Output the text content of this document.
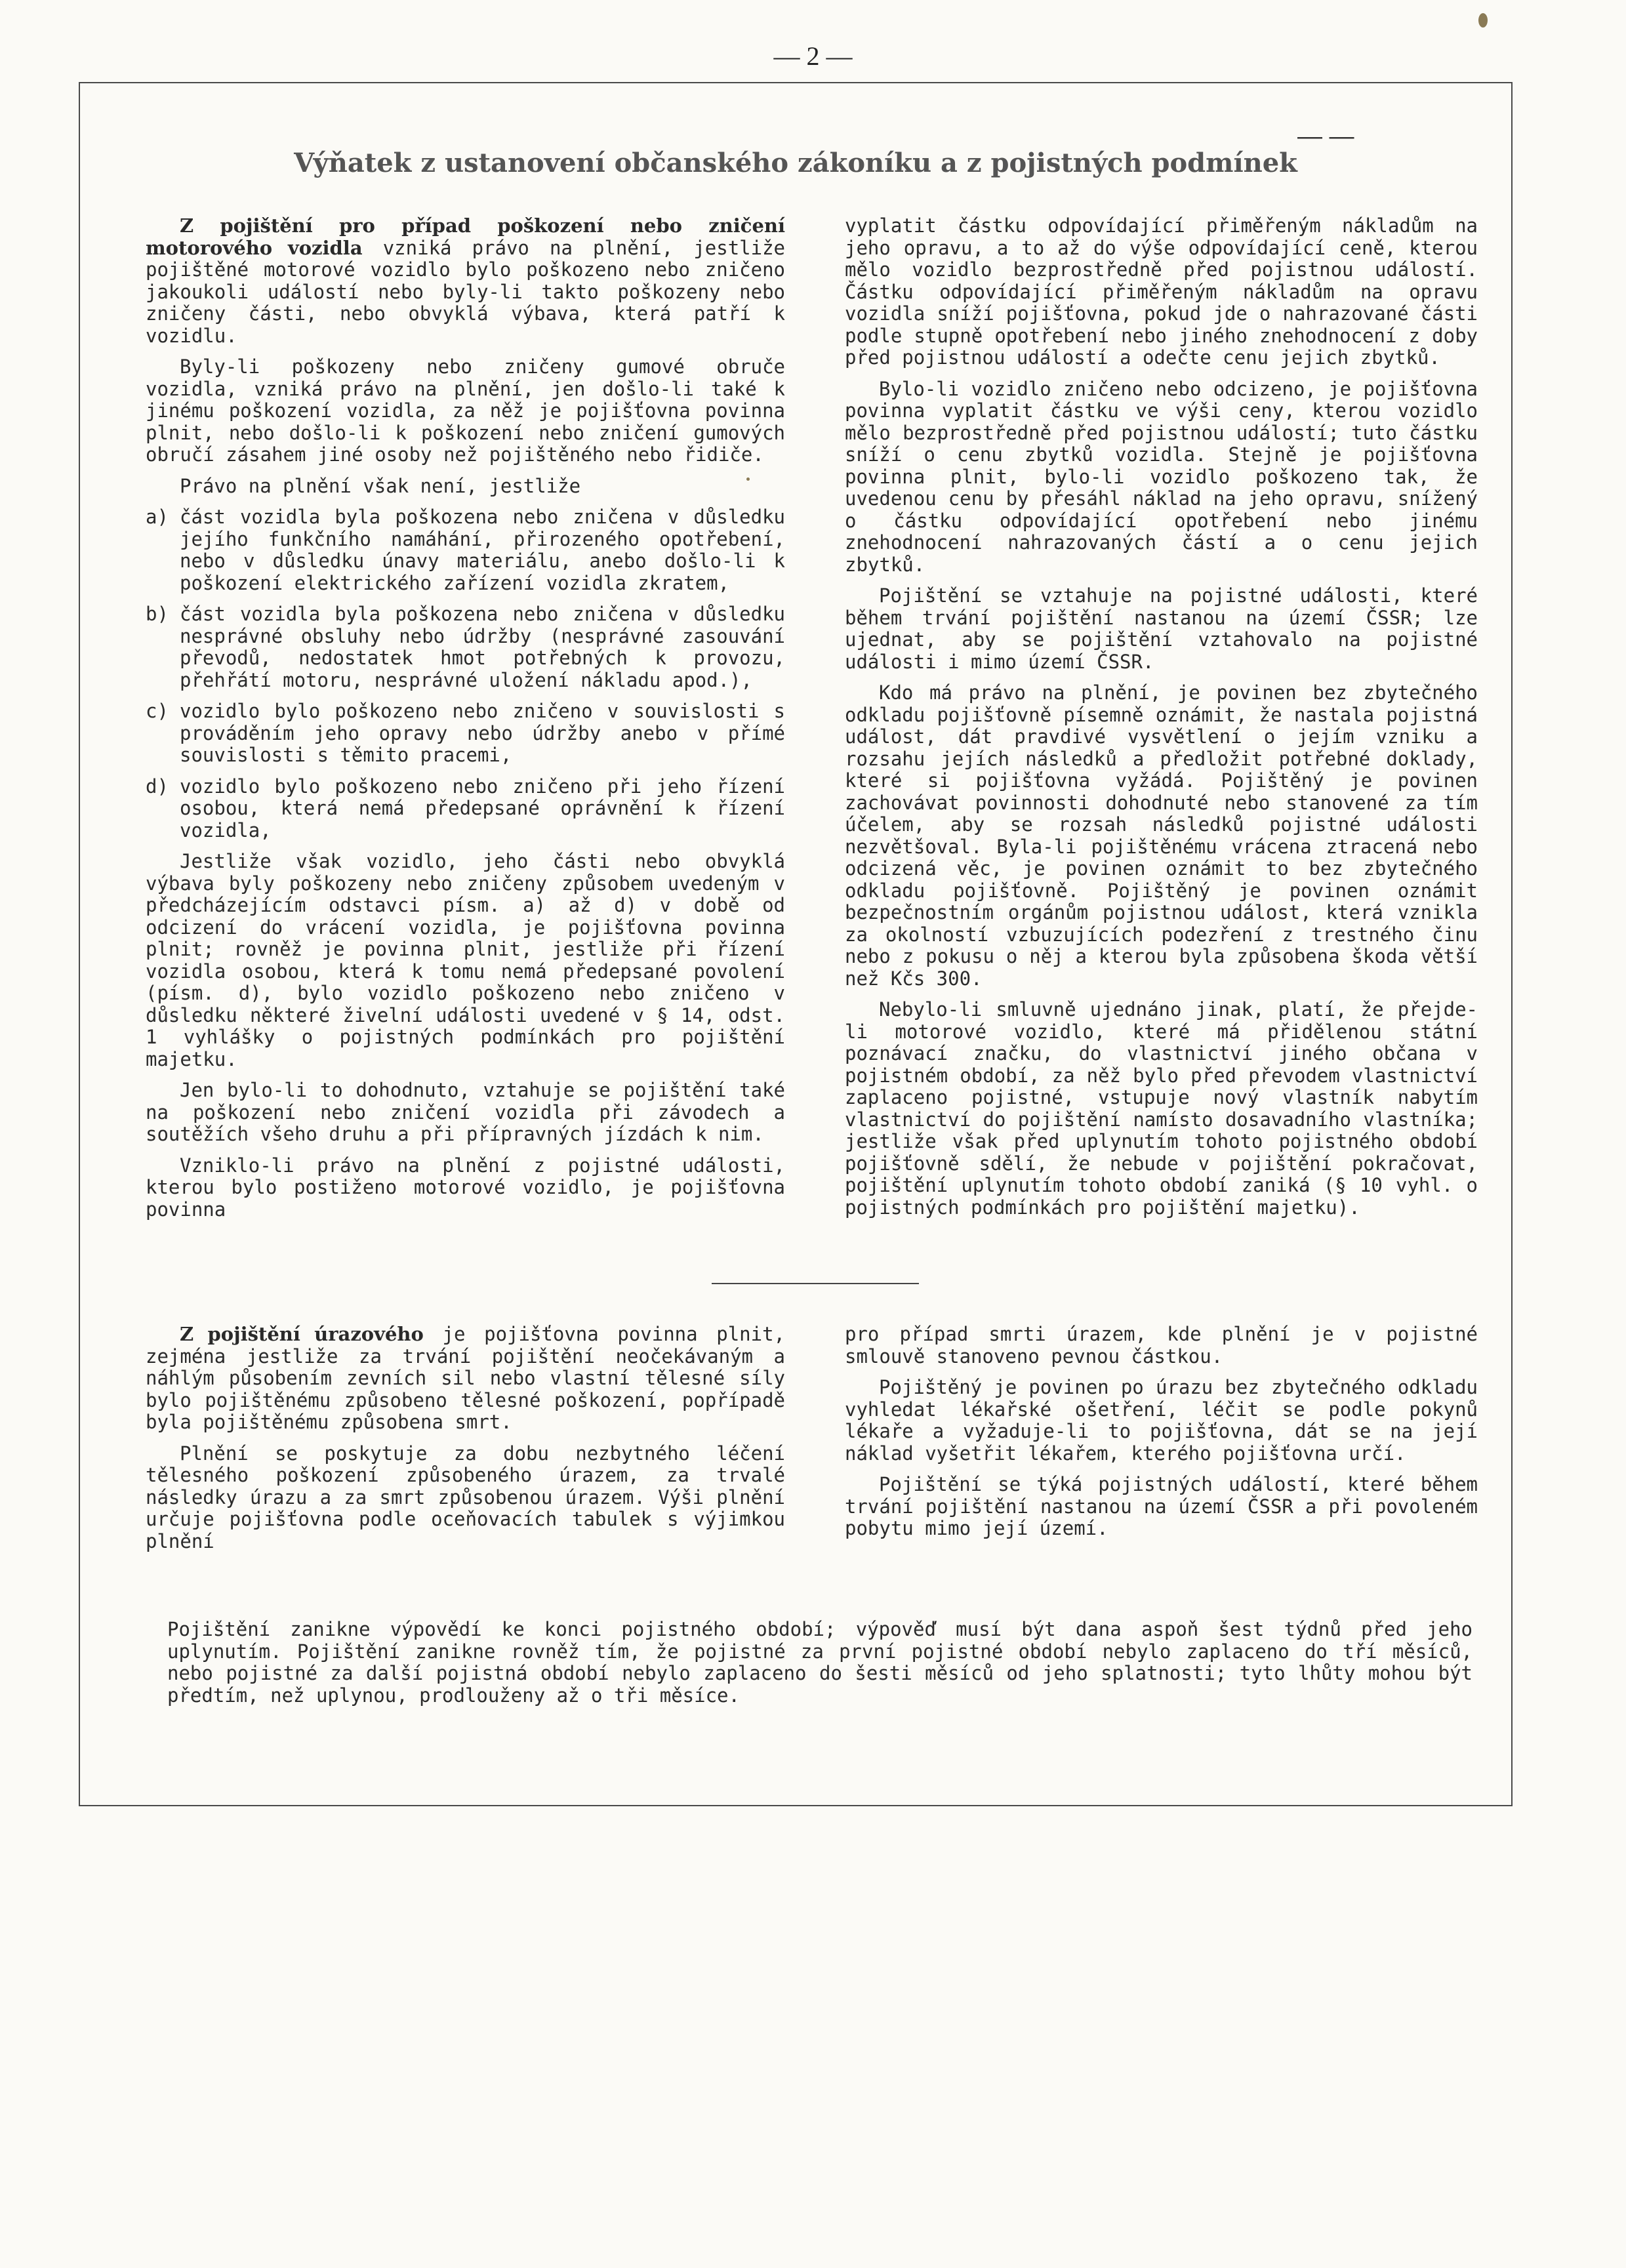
— 2 —
— —
Výňatek z ustanovení občanského zákoníku a z pojistných podmínek

Z pojištění pro případ poškození nebo zničení motorového vozidla vzniká právo na plnění, jestliže pojištěné motorové vozidlo bylo poškozeno nebo zničeno jakoukoli událostí nebo byly-li takto poškozeny nebo zničeny části, nebo obvyklá výbava, která patří k vozidlu.

Byly-li poškozeny nebo zničeny gumové obruče vozidla, vzniká právo na plnění, jen došlo-li také k jinému poškození vozidla, za něž je pojišťovna povinna plnit, nebo došlo-li k poškození nebo zničení gumových obručí zásahem jiné osoby než pojištěného nebo řidiče.

Právo na plnění však není, jestliže

a) část vozidla byla poškozena nebo zničena v důsledku jejího funkčního namáhání, přirozeného opotřebení, nebo v důsledku únavy materiálu, anebo došlo-li k poškození elektrického zařízení vozidla zkratem,
b) část vozidla byla poškozena nebo zničena v důsledku nesprávné obsluhy nebo údržby (nesprávné zasouvání převodů, nedostatek hmot potřebných k provozu, přehřátí motoru, nesprávné uložení nákladu apod.),
c) vozidlo bylo poškozeno nebo zničeno v souvislosti s prováděním jeho opravy nebo údržby anebo v přímé souvislosti s těmito pracemi,
d) vozidlo bylo poškozeno nebo zničeno při jeho řízení osobou, která nemá předepsané oprávnění k řízení vozidla,

Jestliže však vozidlo, jeho části nebo obvyklá výbava byly poškozeny nebo zničeny způsobem uvedeným v předcházejícím odstavci písm. a) až d) v době od odcizení do vrácení vozidla, je pojišťovna povinna plnit; rovněž je povinna plnit, jestliže při řízení vozidla osobou, která k tomu nemá předepsané povolení (písm. d), bylo vozidlo poškozeno nebo zničeno v důsledku některé živelní události uvedené v § 14, odst. 1 vyhlášky o pojistných podmínkách pro pojištění majetku.

Jen bylo-li to dohodnuto, vztahuje se pojištění také na poškození nebo zničení vozidla při závodech a soutěžích všeho druhu a při přípravných jízdách k nim.

Vzniklo-li právo na plnění z pojistné události, kterou bylo postiženo motorové vozidlo, je pojišťovna povinna

vyplatit částku odpovídající přiměřeným nákladům na jeho opravu, a to až do výše odpovídající ceně, kterou mělo vozidlo bezprostředně před pojistnou událostí. Částku odpovídající přiměřeným nákladům na opravu vozidla sníží pojišťovna, pokud jde o nahrazované části podle stupně opotřebení nebo jiného znehodnocení z doby před pojistnou událostí a odečte cenu jejich zbytků.

Bylo-li vozidlo zničeno nebo odcizeno, je pojišťovna povinna vyplatit částku ve výši ceny, kterou vozidlo mělo bezprostředně před pojistnou událostí; tuto částku sníží o cenu zbytků vozidla. Stejně je pojišťovna povinna plnit, bylo-li vozidlo poškozeno tak, že uvedenou cenu by přesáhl náklad na jeho opravu, snížený o částku odpovídající opotřebení nebo jinému znehodnocení nahrazovaných částí a o cenu jejich zbytků.

Pojištění se vztahuje na pojistné události, které během trvání pojištění nastanou na území ČSSR; lze ujednat, aby se pojištění vztahovalo na pojistné události i mimo území ČSSR.

Kdo má právo na plnění, je povinen bez zbytečného odkladu pojišťovně písemně oznámit, že nastala pojistná událost, dát pravdivé vysvětlení o jejím vzniku a rozsahu jejích následků a předložit potřebné doklady, které si pojišťovna vyžádá. Pojištěný je povinen zachovávat povinnosti dohodnuté nebo stanovené za tím účelem, aby se rozsah následků pojistné události nezvětšoval. Byla-li pojištěnému vrácena ztracená nebo odcizená věc, je povinen oznámit to bez zbytečného odkladu pojišťovně. Pojištěný je povinen oznámit bezpečnostním orgánům pojistnou událost, která vznikla za okolností vzbuzujících podezření z trestného činu nebo z pokusu o něj a kterou byla způsobena škoda větší než Kčs 300.

Nebylo-li smluvně ujednáno jinak, platí, že přejde-li motorové vozidlo, které má přidělenou státní poznávací značku, do vlastnictví jiného občana v pojistném období, za něž bylo před převodem vlastnictví zaplaceno pojistné, vstupuje nový vlastník nabytím vlastnictví do pojištění namísto dosavadního vlastníka; jestliže však před uplynutím tohoto pojistného období pojišťovně sdělí, že nebude v pojištění pokračovat, pojištění uplynutím tohoto období zaniká (§ 10 vyhl. o pojistných podmínkách pro pojištění majetku).

Z pojištění úrazového je pojišťovna povinna plnit, zejména jestliže za trvání pojištění neočekávaným a náhlým působením zevních sil nebo vlastní tělesné síly bylo pojištěnému způsobeno tělesné poškození, popřípadě byla pojištěnému způsobena smrt.

Plnění se poskytuje za dobu nezbytného léčení tělesného poškození způsobeného úrazem, za trvalé následky úrazu a za smrt způsobenou úrazem. Výši plnění určuje pojišťovna podle oceňovacích tabulek s výjimkou plnění

pro případ smrti úrazem, kde plnění je v pojistné smlouvě stanoveno pevnou částkou.

Pojištěný je povinen po úrazu bez zbytečného odkladu vyhledat lékařské ošetření, léčit se podle pokynů lékaře a vyžaduje-li to pojišťovna, dát se na její náklad vyšetřit lékařem, kterého pojišťovna určí.

Pojištění se týká pojistných událostí, které během trvání pojištění nastanou na území ČSSR a při povoleném pobytu mimo její území.

Pojištění zanikne výpovědí ke konci pojistného období; výpověď musí být dana aspoň šest týdnů před jeho uplynutím. Pojištění zanikne rovněž tím, že pojistné za první pojistné období nebylo zaplaceno do tří měsíců, nebo pojistné za další pojistná období nebylo zaplaceno do šesti měsíců od jeho splatnosti; tyto lhůty mohou být předtím, než uplynou, prodlouženy až o tři měsíce.
